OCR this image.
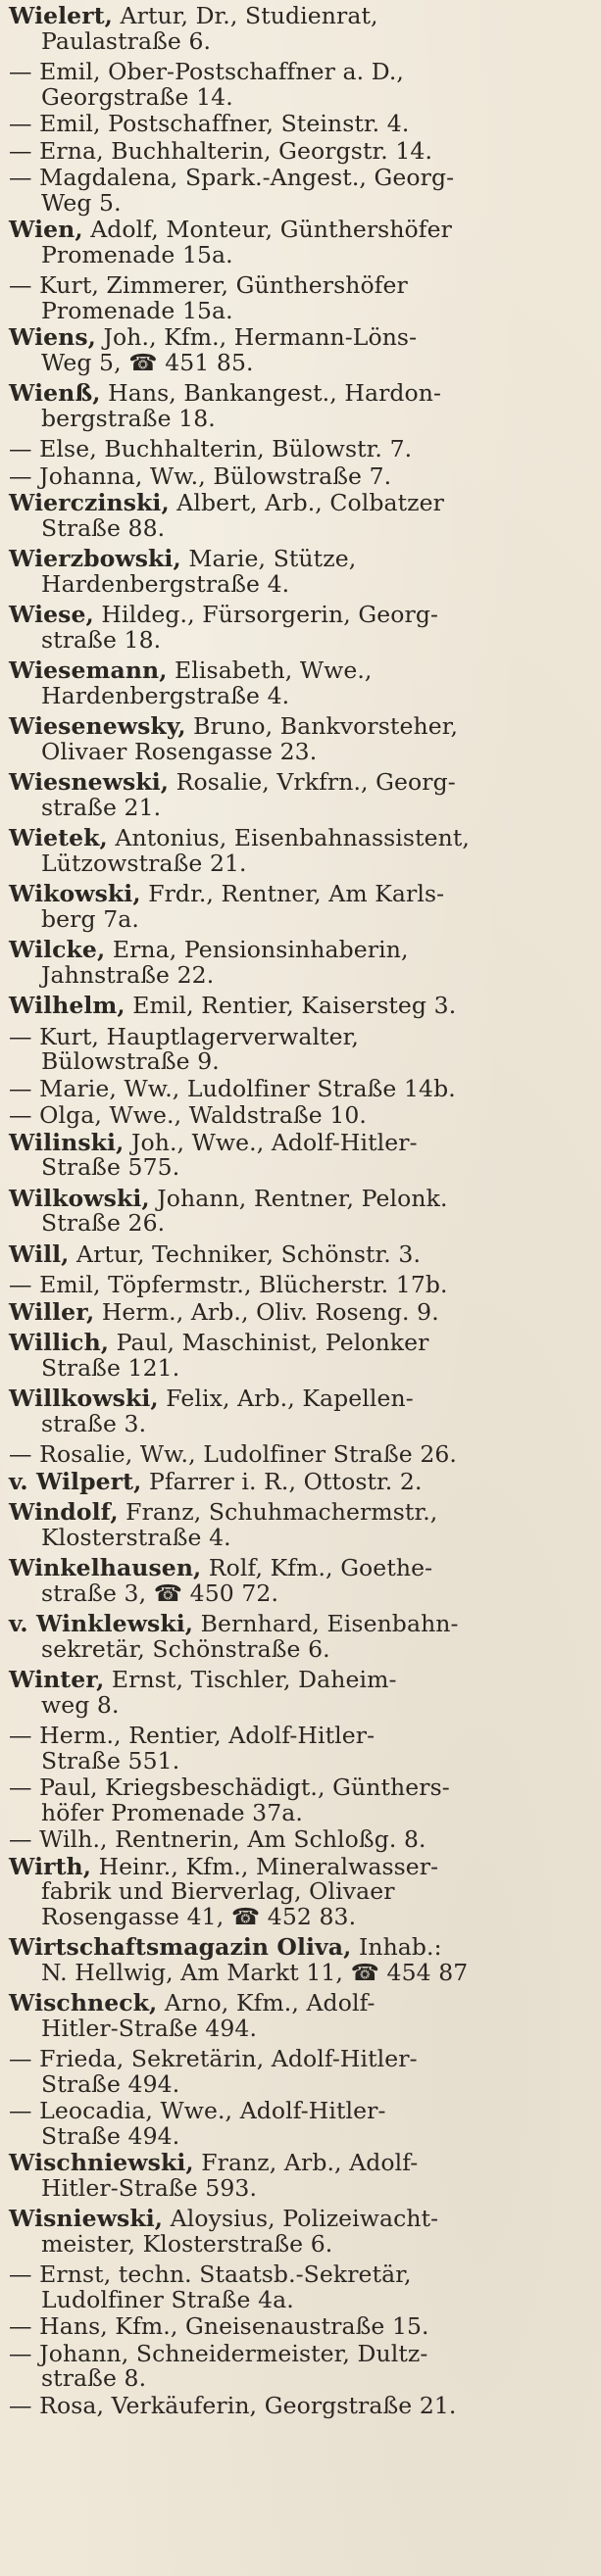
Wielert, Artur, Dr., Studienrat,
Paulastraße 6.
— Emil, Ober-Postschaffner a. D.,
Georgstraße 14.
— Emil, Postschaffner, Steinstr. 4.
— Erna, Buchhalterin, Georgstr. 14.
— Magdalena, Spark.-Angest., Georg-
Weg 5.
Wien, Adolf, Monteur, Günthershöfer
Promenade 15a.
— Kurt, Zimmerer, Günthershöfer
Promenade 15a.
Wiens, Joh., Kfm., Hermann-Löns-
Weg 5, ☎ 451 85.
Wienß, Hans, Bankangest., Hardon-
bergstraße 18.
— Else, Buchhalterin, Bülowstr. 7.
— Johanna, Ww., Bülowstraße 7.
Wierczinski, Albert, Arb., Colbatzer
Straße 88.
Wierzbowski, Marie, Stütze,
Hardenbergstraße 4.
Wiese, Hildeg., Fürsorgerin, Georg-
straße 18.
Wiesemann, Elisabeth, Wwe.,
Hardenbergstraße 4.
Wiesenewsky, Bruno, Bankvorsteher,
Olivaer Rosengasse 23.
Wiesnewski, Rosalie, Vrkfrn., Georg-
straße 21.
Wietek, Antonius, Eisenbahnassistent,
Lützowstraße 21.
Wikowski, Frdr., Rentner, Am Karls-
berg 7a.
Wilcke, Erna, Pensionsinhaberin,
Jahnstraße 22.
Wilhelm, Emil, Rentier, Kaisersteg 3.
— Kurt, Hauptlagerverwalter,
Bülowstraße 9.
— Marie, Ww., Ludolfiner Straße 14b.
— Olga, Wwe., Waldstraße 10.
Wilinski, Joh., Wwe., Adolf-Hitler-
Straße 575.
Wilkowski, Johann, Rentner, Pelonk.
Straße 26.
Will, Artur, Techniker, Schönstr. 3.
— Emil, Töpfermstr., Blücherstr. 17b.
Willer, Herm., Arb., Oliv. Roseng. 9.
Willich, Paul, Maschinist, Pelonker
Straße 121.
Willkowski, Felix, Arb., Kapellen-
straße 3.
— Rosalie, Ww., Ludolfiner Straße 26.
v. Wilpert, Pfarrer i. R., Ottostr. 2.
Windolf, Franz, Schuhmachermstr.,
Klosterstraße 4.
Winkelhausen, Rolf, Kfm., Goethe-
straße 3, ☎ 450 72.
v. Winklewski, Bernhard, Eisenbahn-
sekretär, Schönstraße 6.
Winter, Ernst, Tischler, Daheim-
weg 8.
— Herm., Rentier, Adolf-Hitler-
Straße 551.
— Paul, Kriegsbeschädigt., Günthers-
höfer Promenade 37a.
— Wilh., Rentnerin, Am Schloßg. 8.
Wirth, Heinr., Kfm., Mineralwasser-
fabrik und Bierverlag, Olivaer
Rosengasse 41, ☎ 452 83.
Wirtschaftsmagazin Oliva, Inhab.:
N. Hellwig, Am Markt 11, ☎ 454 87
Wischneck, Arno, Kfm., Adolf-
Hitler-Straße 494.
— Frieda, Sekretärin, Adolf-Hitler-
Straße 494.
— Leocadia, Wwe., Adolf-Hitler-
Straße 494.
Wischniewski, Franz, Arb., Adolf-
Hitler-Straße 593.
Wisniewski, Aloysius, Polizeiwacht-
meister, Klosterstraße 6.
— Ernst, techn. Staatsb.-Sekretär,
Ludolfiner Straße 4a.
— Hans, Kfm., Gneisenaustraße 15.
— Johann, Schneidermeister, Dultz-
straße 8.
— Rosa, Verkäuferin, Georgstraße 21.
